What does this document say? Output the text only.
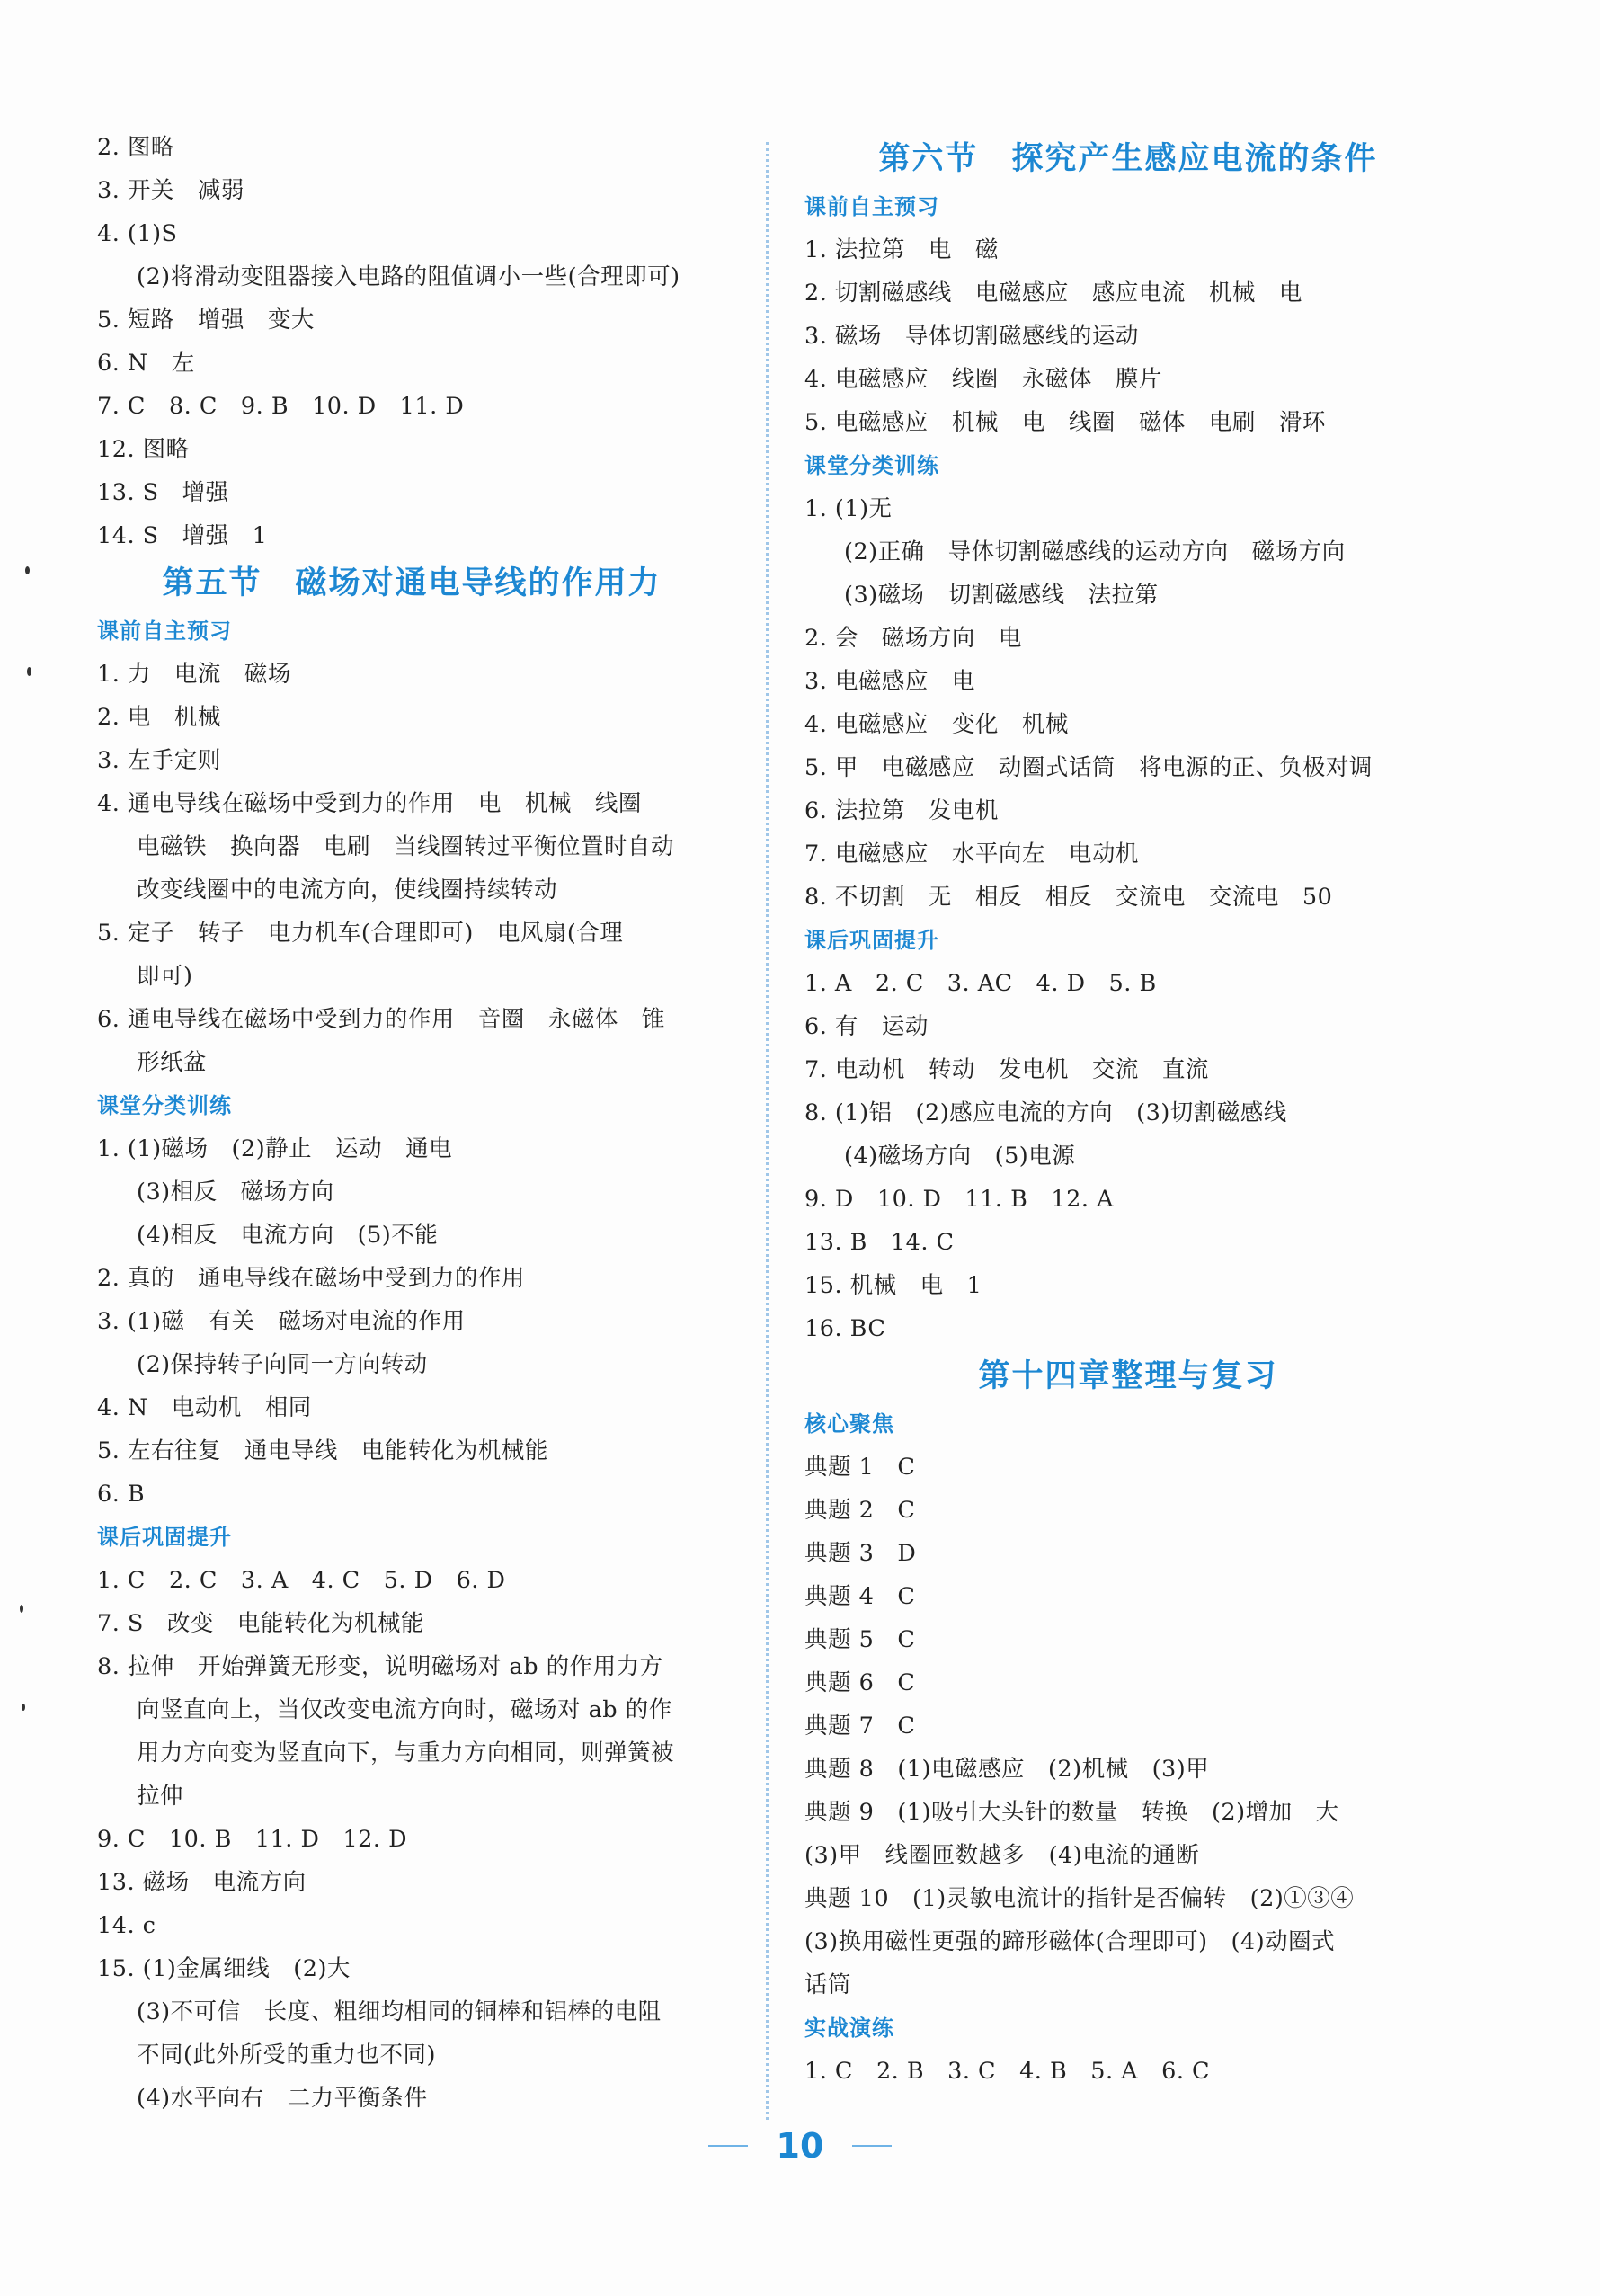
2. 图略
3. 开关　减弱
4. (1)S
(2)将滑动变阻器接入电路的阻值调小一些(合理即可)
5. 短路　增强　变大
6. N　左
7. C　8. C　9. B　10. D　11. D
12. 图略
13. S　增强
14. S　增强　1
第五节　磁场对通电导线的作用力
课前自主预习
1. 力　电流　磁场
2. 电　机械
3. 左手定则
4. 通电导线在磁场中受到力的作用　电　机械　线圈
电磁铁　换向器　电刷　当线圈转过平衡位置时自动
改变线圈中的电流方向，使线圈持续转动
5. 定子　转子　电力机车(合理即可)　电风扇(合理
即可)
6. 通电导线在磁场中受到力的作用　音圈　永磁体　锥
形纸盆
课堂分类训练
1. (1)磁场　(2)静止　运动　通电
(3)相反　磁场方向
(4)相反　电流方向　(5)不能
2. 真的　通电导线在磁场中受到力的作用
3. (1)磁　有关　磁场对电流的作用
(2)保持转子向同一方向转动
4. N　电动机　相同
5. 左右往复　通电导线　电能转化为机械能
6. B
课后巩固提升
1. C　2. C　3. A　4. C　5. D　6. D
7. S　改变　电能转化为机械能
8. 拉伸　开始弹簧无形变，说明磁场对 ab 的作用力方
向竖直向上，当仅改变电流方向时，磁场对 ab 的作
用力方向变为竖直向下，与重力方向相同，则弹簧被
拉伸
9. C　10. B　11. D　12. D
13. 磁场　电流方向
14. c
15. (1)金属细线　(2)大
(3)不可信　长度、粗细均相同的铜棒和铝棒的电阻
不同(此外所受的重力也不同)
(4)水平向右　二力平衡条件
第六节　探究产生感应电流的条件
课前自主预习
1. 法拉第　电　磁
2. 切割磁感线　电磁感应　感应电流　机械　电
3. 磁场　导体切割磁感线的运动
4. 电磁感应　线圈　永磁体　膜片
5. 电磁感应　机械　电　线圈　磁体　电刷　滑环
课堂分类训练
1. (1)无
(2)正确　导体切割磁感线的运动方向　磁场方向
(3)磁场　切割磁感线　法拉第
2. 会　磁场方向　电
3. 电磁感应　电
4. 电磁感应　变化　机械
5. 甲　电磁感应　动圈式话筒　将电源的正、负极对调
6. 法拉第　发电机
7. 电磁感应　水平向左　电动机
8. 不切割　无　相反　相反　交流电　交流电　50
课后巩固提升
1. A　2. C　3. AC　4. D　5. B
6. 有　运动
7. 电动机　转动　发电机　交流　直流
8. (1)铝　(2)感应电流的方向　(3)切割磁感线
(4)磁场方向　(5)电源
9. D　10. D　11. B　12. A
13. B　14. C
15. 机械　电　1
16. BC
第十四章整理与复习
核心聚焦
典题 1　C
典题 2　C
典题 3　D
典题 4　C
典题 5　C
典题 6　C
典题 7　C
典题 8　(1)电磁感应　(2)机械　(3)甲
典题 9　(1)吸引大头针的数量　转换　(2)增加　大
(3)甲　线圈匝数越多　(4)电流的通断
典题 10　(1)灵敏电流计的指针是否偏转　(2)①③④
(3)换用磁性更强的蹄形磁体(合理即可)　(4)动圈式
话筒
实战演练
1. C　2. B　3. C　4. B　5. A　6. C
10
